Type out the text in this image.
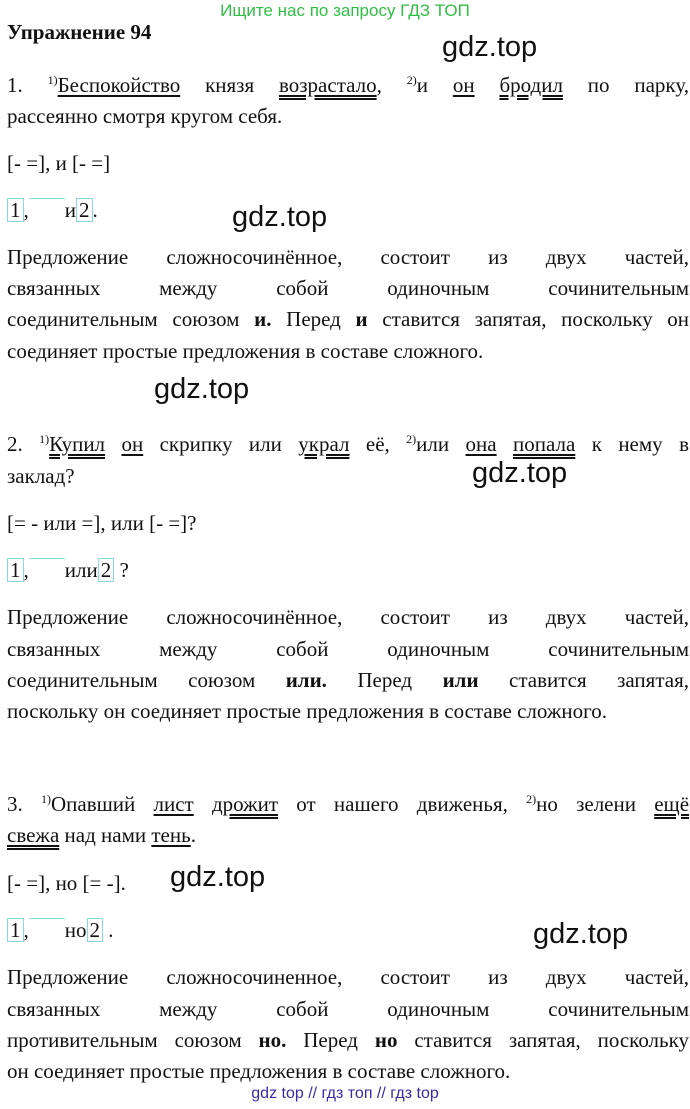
Ищите нас по запросу ГДЗ ТОП
Упражнение 94	gdz.top
gdz.top
gdz.top
gdz.top
gdz.top
gdz.top
1. $^{1)}$Беспокойство князя возрастало, $^{2)}$и он бродил по парку,
рассеянно смотря кругом себя.
[- =], и [- =]
1 , и 2 .
Предложение сложносочинённое, состоит из двух частей,
связанных между собой одиночным сочинительным
соединительным союзом и. Перед и ставится запятая, поскольку он
соединяет простые предложения в составе сложного.
2. $^{1)}$Купил он скрипку или украл её, $^{2)}$или она попала к нему в
заклад?
[= - или =], или [- =]?
1 , или 2 ?
Предложение сложносочинённое, состоит из двух частей,
связанных между собой одиночным сочинительным
соединительным союзом или. Перед или ставится запятая,
поскольку он соединяет простые предложения в составе сложного.
3. $^{1)}$Опавший лист дрожит от нашего движенья, $^{2)}$но зелени ещё
свежа над нами тень.
[- =], но [= -].
1 , но 2 .
Предложение сложносочиненное, состоит из двух частей,
связанных между собой одиночным сочинительным
противительным союзом но. Перед но ставится запятая, поскольку
он соединяет простые предложения в составе сложного.
gdz top // гдз топ // гдз top
